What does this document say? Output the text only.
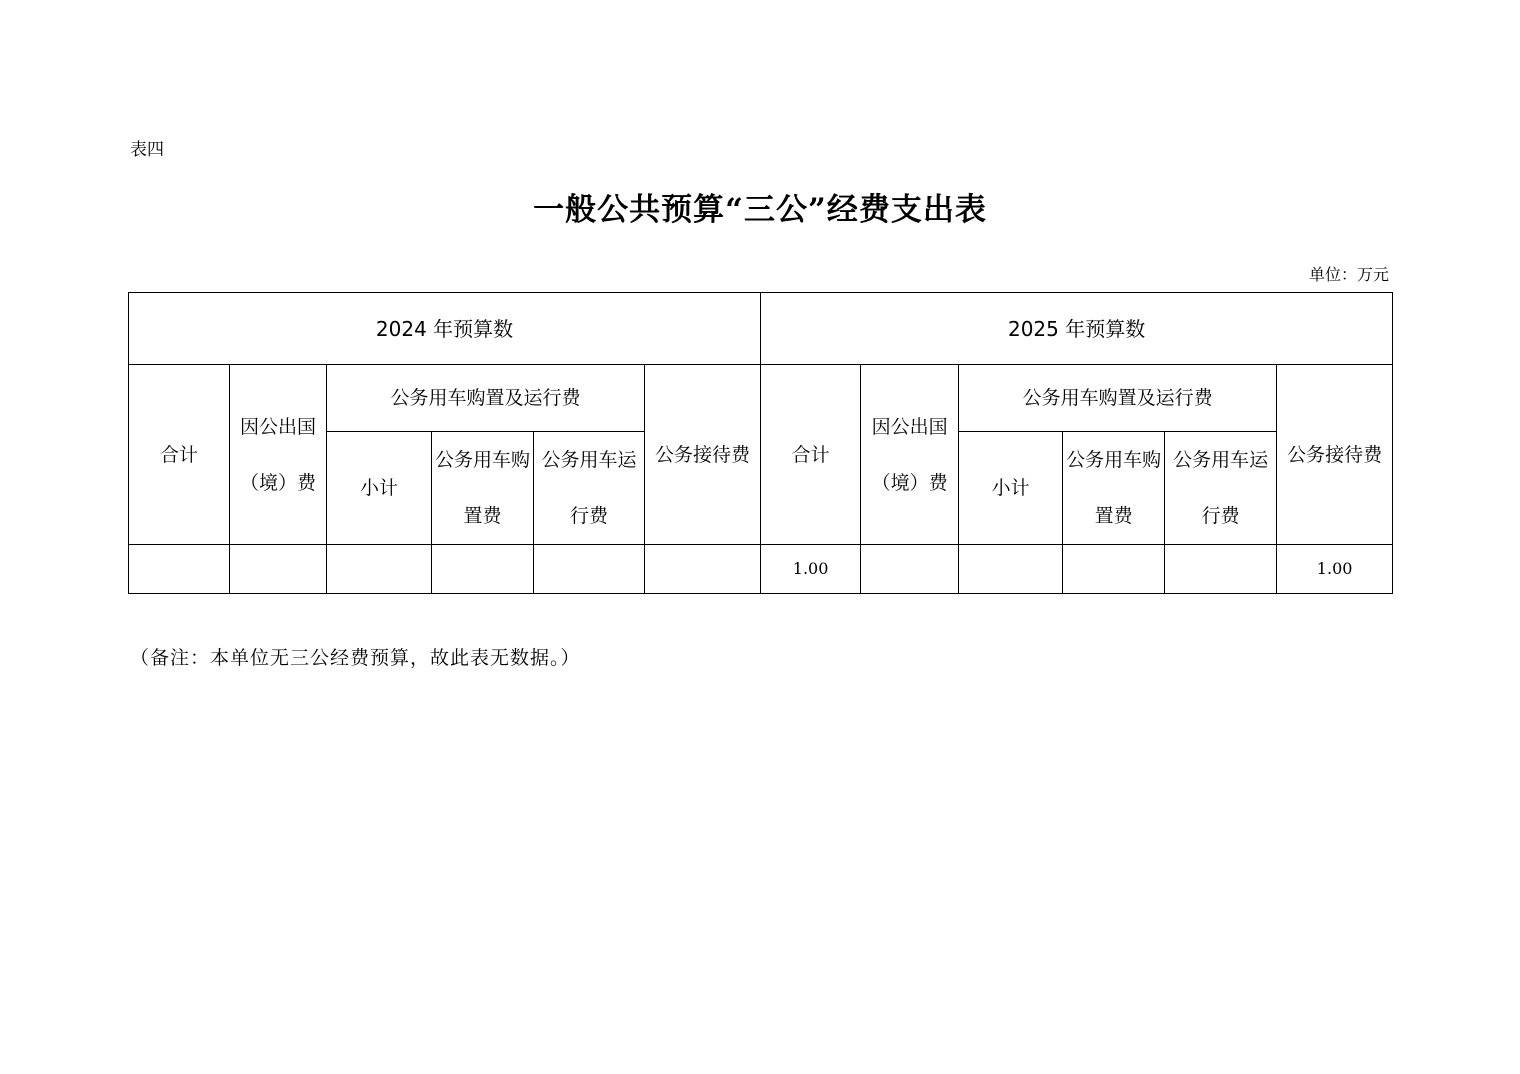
表四
一般公共预算“三公”经费支出表
单位：万元
2024 年预算数						2025 年预算数					
合计	因公出国（境）费	公务用车购置及运行费			公务接待费	合计	因公出国（境）费	公务用车购置及运行费			公务接待费
		小计	公务用车购置费	公务用车运行费				小计	公务用车购置费	公务用车运行费	
						1.00					1.00
（备注：本单位无三公经费预算，故此表无数据。）
